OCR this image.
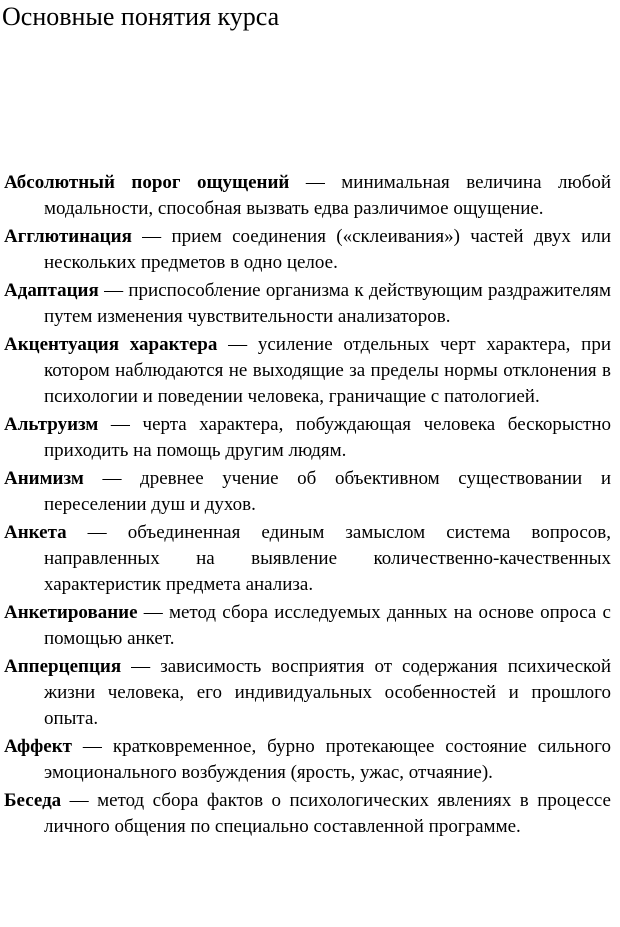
Основные понятия курса

Абсолютный порог ощущений — минимальная величина любой модальности, способная вызвать едва различимое ощущение.

Агглютинация — прием соединения («склеивания») частей двух или нескольких предметов в одно целое.

Адаптация — приспособление организма к действующим раздражителям путем изменения чувствительности анализаторов.

Акцентуация характера — усиление отдельных черт характера, при котором наблюдаются не выходящие за пределы нормы отклонения в психологии и поведении человека, граничащие с патологией.

Альтруизм — черта характера, побуждающая человека бескорыстно приходить на помощь другим людям.

Анимизм — древнее учение об объективном существовании и переселении душ и духов.

Анкета — объединенная единым замыслом система вопросов, направленных на выявление количественно-качественных характеристик предмета анализа.

Анкетирование — метод сбора исследуемых данных на основе опроса с помощью анкет.

Апперцепция — зависимость восприятия от содержания психической жизни человека, его индивидуальных особенностей и прошлого опыта.

Аффект — кратковременное, бурно протекающее состояние сильного эмоционального возбуждения (ярость, ужас, отчаяние).

Беседа — метод сбора фактов о психологических явлениях в процессе личного общения по специально составленной программе.
